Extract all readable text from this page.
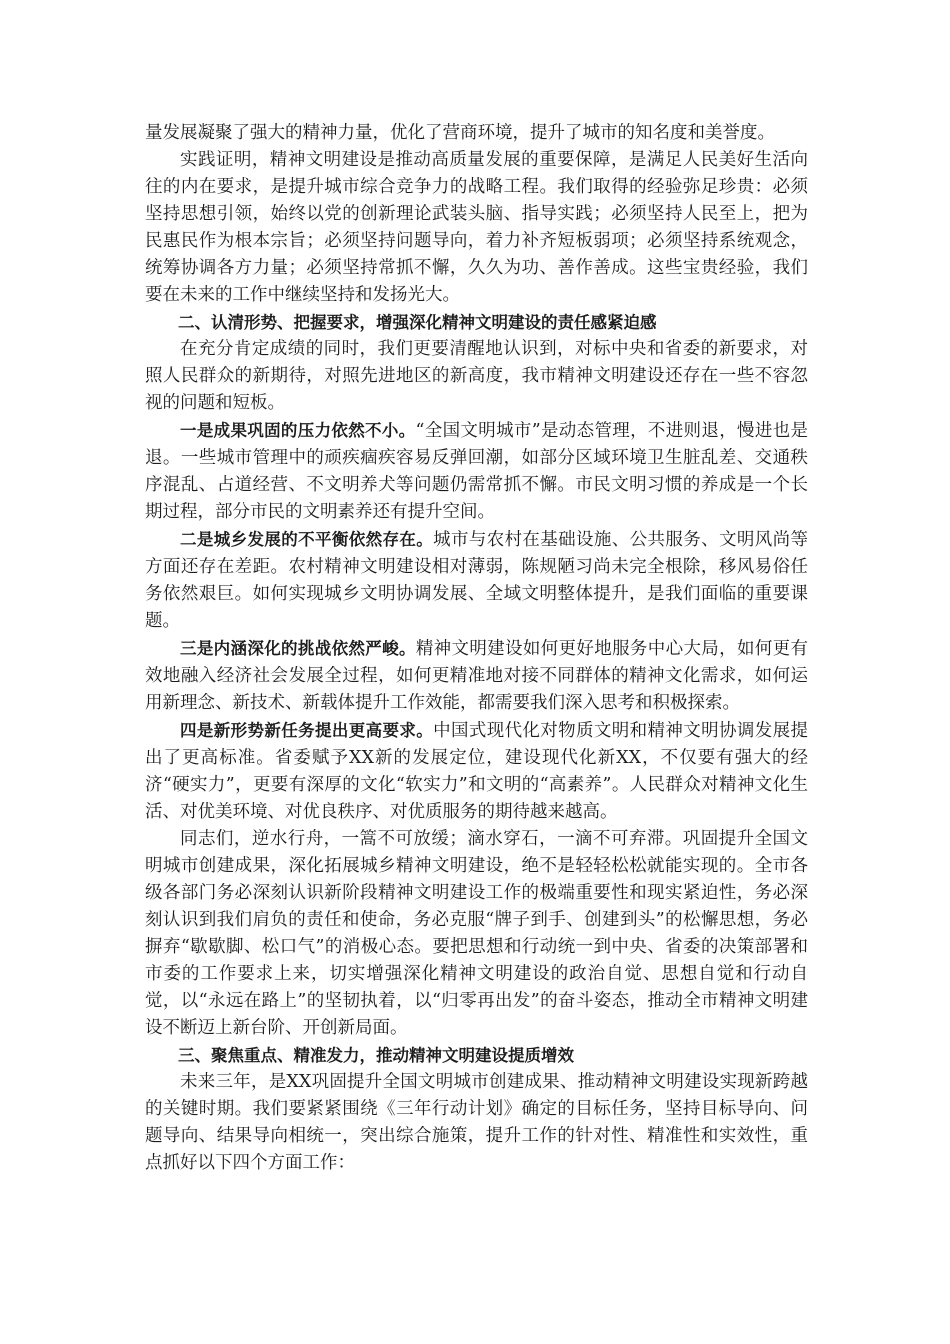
量发展凝聚了强大的精神力量，优化了营商环境，提升了城市的知名度和美誉度。

实践证明，精神文明建设是推动高质量发展的重要保障，是满足人民美好生活向往的内在要求，是提升城市综合竞争力的战略工程。我们取得的经验弥足珍贵：必须坚持思想引领，始终以党的创新理论武装头脑、指导实践；必须坚持人民至上，把为民惠民作为根本宗旨；必须坚持问题导向，着力补齐短板弱项；必须坚持系统观念，统筹协调各方力量；必须坚持常抓不懈，久久为功、善作善成。这些宝贵经验，我们要在未来的工作中继续坚持和发扬光大。

二、认清形势、把握要求，增强深化精神文明建设的责任感紧迫感

在充分肯定成绩的同时，我们更要清醒地认识到，对标中央和省委的新要求，对照人民群众的新期待，对照先进地区的新高度，我市精神文明建设还存在一些不容忽视的问题和短板。

一是成果巩固的压力依然不小。“全国文明城市”是动态管理，不进则退，慢进也是退。一些城市管理中的顽疾痼疾容易反弹回潮，如部分区域环境卫生脏乱差、交通秩序混乱、占道经营、不文明养犬等问题仍需常抓不懈。市民文明习惯的养成是一个长期过程，部分市民的文明素养还有提升空间。

二是城乡发展的不平衡依然存在。城市与农村在基础设施、公共服务、文明风尚等方面还存在差距。农村精神文明建设相对薄弱，陈规陋习尚未完全根除，移风易俗任务依然艰巨。如何实现城乡文明协调发展、全域文明整体提升，是我们面临的重要课题。

三是内涵深化的挑战依然严峻。精神文明建设如何更好地服务中心大局，如何更有效地融入经济社会发展全过程，如何更精准地对接不同群体的精神文化需求，如何运用新理念、新技术、新载体提升工作效能，都需要我们深入思考和积极探索。

四是新形势新任务提出更高要求。中国式现代化对物质文明和精神文明协调发展提出了更高标准。省委赋予XX新的发展定位，建设现代化新XX，不仅要有强大的经济“硬实力”，更要有深厚的文化“软实力”和文明的“高素养”。人民群众对精神文化生活、对优美环境、对优良秩序、对优质服务的期待越来越高。

同志们，逆水行舟，一篙不可放缓；滴水穿石，一滴不可弃滞。巩固提升全国文明城市创建成果，深化拓展城乡精神文明建设，绝不是轻轻松松就能实现的。全市各级各部门务必深刻认识新阶段精神文明建设工作的极端重要性和现实紧迫性，务必深刻认识到我们肩负的责任和使命，务必克服“牌子到手、创建到头”的松懈思想，务必摒弃“歇歇脚、松口气”的消极心态。要把思想和行动统一到中央、省委的决策部署和市委的工作要求上来，切实增强深化精神文明建设的政治自觉、思想自觉和行动自觉，以“永远在路上”的坚韧执着，以“归零再出发”的奋斗姿态，推动全市精神文明建设不断迈上新台阶、开创新局面。

三、聚焦重点、精准发力，推动精神文明建设提质增效

未来三年，是XX巩固提升全国文明城市创建成果、推动精神文明建设实现新跨越的关键时期。我们要紧紧围绕《三年行动计划》确定的目标任务，坚持目标导向、问题导向、结果导向相统一，突出综合施策，提升工作的针对性、精准性和实效性，重点抓好以下四个方面工作：
